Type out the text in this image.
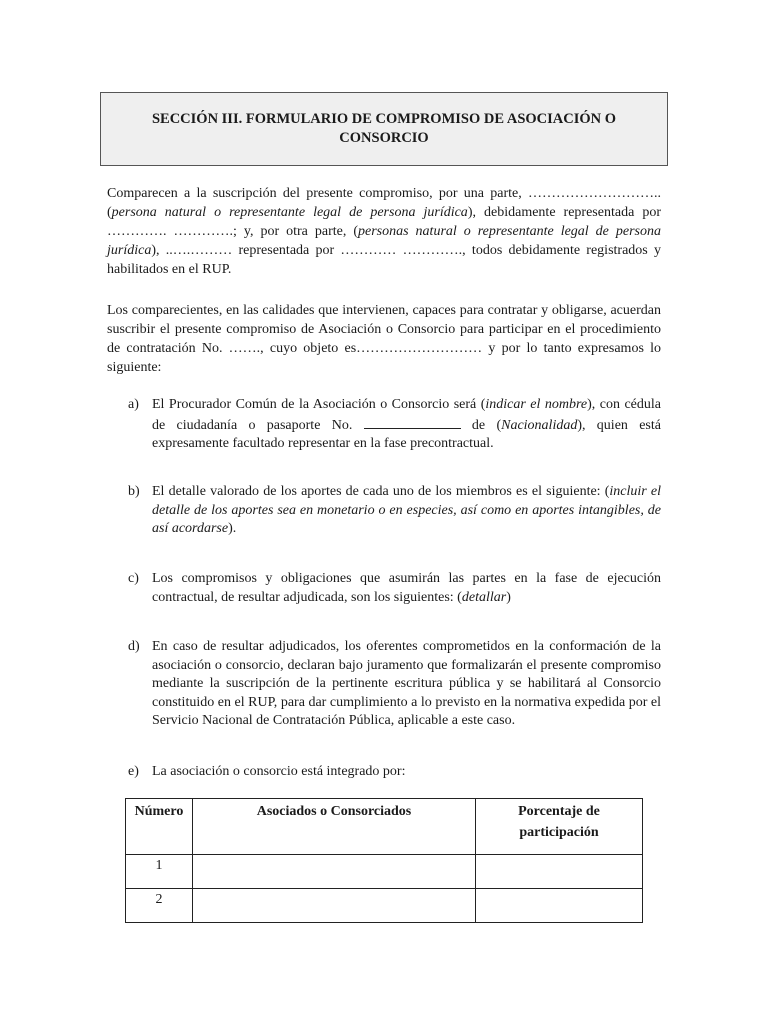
SECCIÓN III. FORMULARIO DE COMPROMISO DE ASOCIACIÓN O CONSORCIO

Comparecen a la suscripción del presente compromiso, por una parte, ………………………..(persona natural o representante legal de persona jurídica), debidamente representada por …………. ………….; y, por otra parte, (personas natural o representante legal de persona jurídica), ..….……… representada por ………… …………., todos debidamente registrados y habilitados en el RUP.

Los comparecientes, en las calidades que intervienen, capaces para contratar y obligarse, acuerdan suscribir el presente compromiso de Asociación o Consorcio para participar en el procedimiento de contratación No. ……., cuyo objeto es……………………… y por lo tanto expresamos lo siguiente:

a) El Procurador Común de la Asociación o Consorcio será (indicar el nombre), con cédula de ciudadanía o pasaporte No.	de (Nacionalidad), quien está expresamente facultado representar en la fase precontractual.
b) El detalle valorado de los aportes de cada uno de los miembros es el siguiente: (incluir el detalle de los aportes sea en monetario o en especies, así como en aportes intangibles, de así acordarse).
c) Los compromisos y obligaciones que asumirán las partes en la fase de ejecución contractual, de resultar adjudicada, son los siguientes: (detallar)
d) En caso de resultar adjudicados, los oferentes comprometidos en la conformación de la asociación o consorcio, declaran bajo juramento que formalizarán el presente compromiso mediante la suscripción de la pertinente escritura pública y se habilitará al Consorcio constituido en el RUP, para dar cumplimiento a lo previsto en la normativa expedida por el Servicio Nacional de Contratación Pública, aplicable a este caso.
e) La asociación o consorcio está integrado por:
Número	Asociados o Consorciados	Porcentaje de participación

1		
2		
